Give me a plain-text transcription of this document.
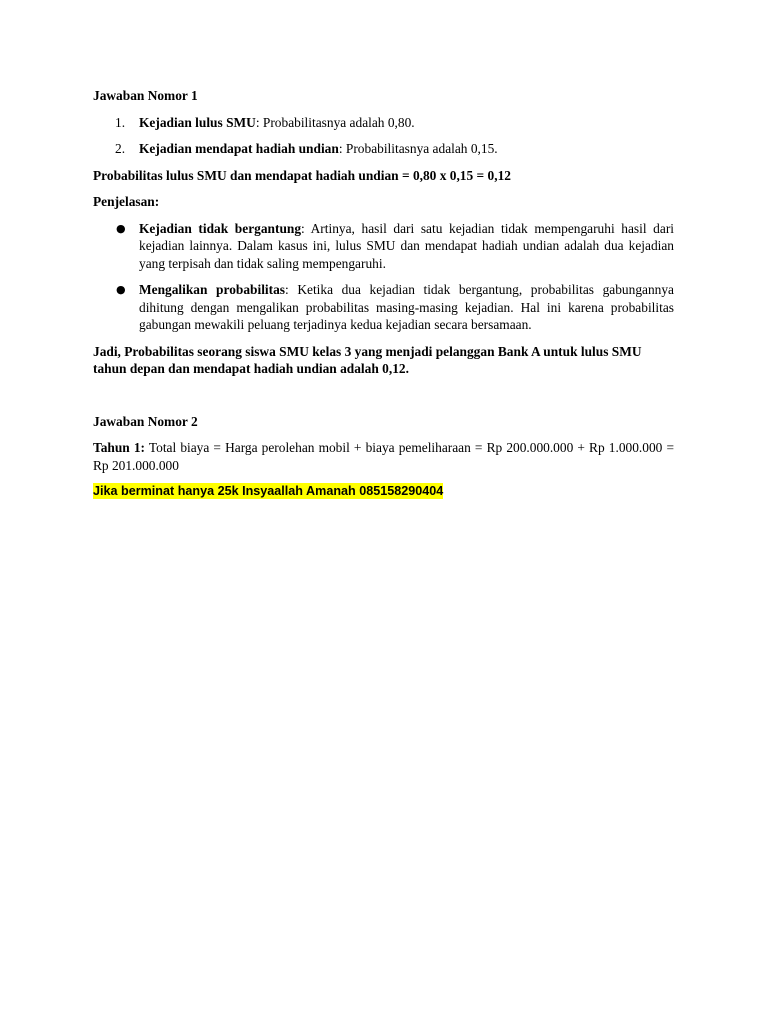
Jawaban Nomor 1

1. Kejadian lulus SMU: Probabilitasnya adalah 0,80.
2. Kejadian mendapat hadiah undian: Probabilitasnya adalah 0,15.

Probabilitas lulus SMU dan mendapat hadiah undian = 0,80 x 0,15 = 0,12

Penjelasan:

● Kejadian tidak bergantung: Artinya, hasil dari satu kejadian tidak mempengaruhi hasil dari kejadian lainnya. Dalam kasus ini, lulus SMU dan mendapat hadiah undian adalah dua kejadian yang terpisah dan tidak saling mempengaruhi.
● Mengalikan probabilitas: Ketika dua kejadian tidak bergantung, probabilitas gabungannya dihitung dengan mengalikan probabilitas masing-masing kejadian. Hal ini karena probabilitas gabungan mewakili peluang terjadinya kedua kejadian secara bersamaan.

Jadi, Probabilitas seorang siswa SMU kelas 3 yang menjadi pelanggan Bank A untuk lulus SMU tahun depan dan mendapat hadiah undian adalah 0,12.

Jawaban Nomor 2

Tahun 1: Total biaya = Harga perolehan mobil + biaya pemeliharaan = Rp 200.000.000 + Rp 1.000.000 = Rp 201.000.000

Jika berminat hanya 25k Insyaallah Amanah 085158290404
